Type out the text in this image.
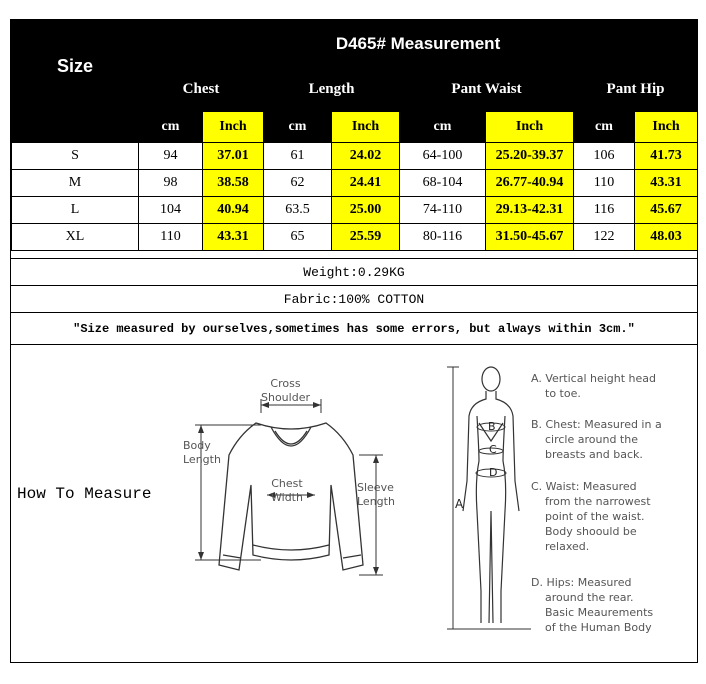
Size	D465# Measurement							
	Chest		Length		Pant Waist		Pant Hip	
	cm	Inch	cm	Inch	cm	Inch	cm	Inch
S	94	37.01	61	24.02	64-100	25.20-39.37	106	41.73
M	98	38.58	62	24.41	68-104	26.77-40.94	110	43.31
L	104	40.94	63.5	25.00	74-110	29.13-42.31	116	45.67
XL	110	43.31	65	25.59	80-116	31.50-45.67	122	48.03
Weight:0.29KG
Fabric:100% COTTON
"Size measured by ourselves,sometimes has some errors, but always within 3cm."
How To Measure
Cross
Shoulder
Body
Length
Chest
Width
Sleeve
Length	A
B
C
D
A. Vertical height head
to toe.
B. Chest: Measured in a
circle around the
breasts and back.
C. Waist: Measured
from the narrowest
point of the waist.
Body shoould be
relaxed.
D. Hips: Measured
around the rear.
Basic Meaurements
of the Human Body
